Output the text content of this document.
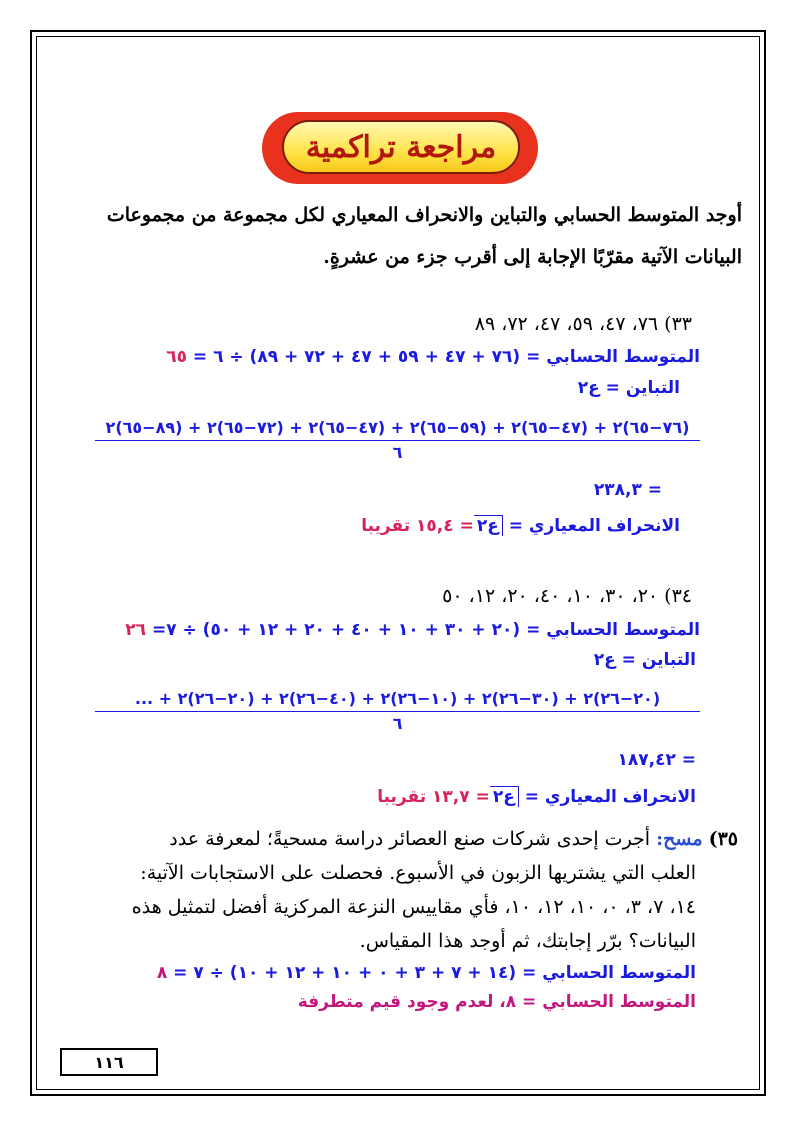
مراجعة تراكمية
أوجد المتوسط الحسابي والتباين والانحراف المعياري لكل مجموعة من مجموعات
البيانات الآتية مقرّبًا الإجابة إلى أقرب جزء من عشرةٍ.
٣٣) ٧٦، ٤٧، ٥٩، ٤٧، ٧٢، ٨٩
المتوسط الحسابي = (٧٦ + ٤٧ + ٥٩ + ٤٧ + ٧٢ + ٨٩) ÷ ٦ = ٦٥
التباين = ع٢
(٧٦−٦٥)٢ + (٤٧−٦٥)٢ + (٥٩−٦٥)٢ + (٤٧−٦٥)٢ + (٧٢−٦٥)٢ + (٨٩−٦٥)٢
٦
= ٢٣٨,٣
الانحراف المعياري = ع٢= ١٥,٤ تقريبا
٣٤) ٢٠، ٣٠، ١٠، ٤٠، ٢٠، ١٢، ٥٠
المتوسط الحسابي = (٢٠ + ٣٠ + ١٠ + ٤٠ + ٢٠ + ١٢ + ٥٠) ÷ ٧= ٢٦
التباين = ع٢
(٢٠−٢٦)٢ + (٣٠−٢٦)٢ + (١٠−٢٦)٢ + (٤٠−٢٦)٢ + (٢٠−٢٦)٢ + ...
٦
= ١٨٧,٤٢
الانحراف المعياري = ع٢= ١٣,٧ تقريبا
٣٥) مسح: أجرت إحدى شركات صنع العصائر دراسة مسحيةً؛ لمعرفة عدد
العلب التي يشتريها الزبون في الأسبوع. فحصلت على الاستجابات الآتية:
١٤، ٧، ٣، ٠، ١٠، ١٢، ١٠، فأي مقاييس النزعة المركزية أفضل لتمثيل هذه
البيانات؟ برّر إجابتك، ثم أوجد هذا المقياس.
المتوسط الحسابي = (١٤ + ٧ + ٣ + ٠ + ١٠ + ١٢ + ١٠) ÷ ٧ = ٨
المتوسط الحسابي = ٨، لعدم وجود قيم متطرفة
١١٦
